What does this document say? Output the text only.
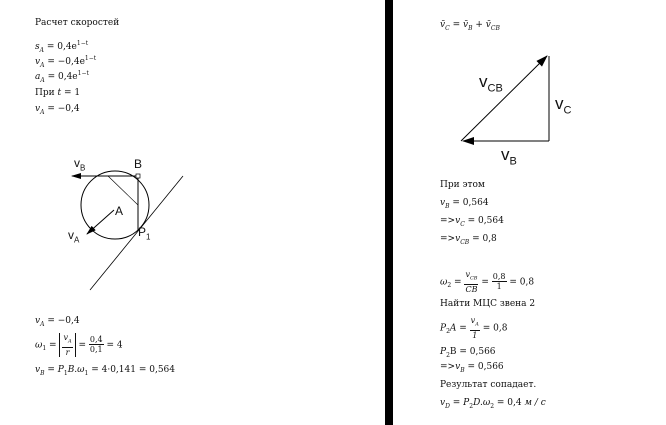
Расчет скоростей
$s_A = 0,4e^{1-t}$
$v_A = -0,4e^{1-t}$
$a_A = 0,4e^{1-t}$
При t = 1
$v_A = -0,4$
$v_B$	B
A
$v_A$
$P_1$
$v_A = -0,4$
$\omega_1 = \frac{v_A}{r} = \frac{0,4}{0,1} = 4$
$v_B = P_1B.\omega_1 = 4\cdot 0,141 = 0,564$
$v̄_C$ = $v̄_B$ + $v̄_{CB}$
$v_{CB}$
$v_C$
$v_B$
При этом
$v_B = 0,564$
$=>v_C = 0,564$
$=>v_{CB} = 0,8$
$\omega_2 = \frac{v_{CB}}{CB} = \frac{0,8}{1} = 0,8$
Найти МЦС звена 2
$P_2A = \frac{v_A}{1} = 0,8$
$P_2B = 0,566$
$=>v_B = 0,566$
Результат сопадает.
$v_D = P_2D.\omega_2 = 0,4$ м / с
